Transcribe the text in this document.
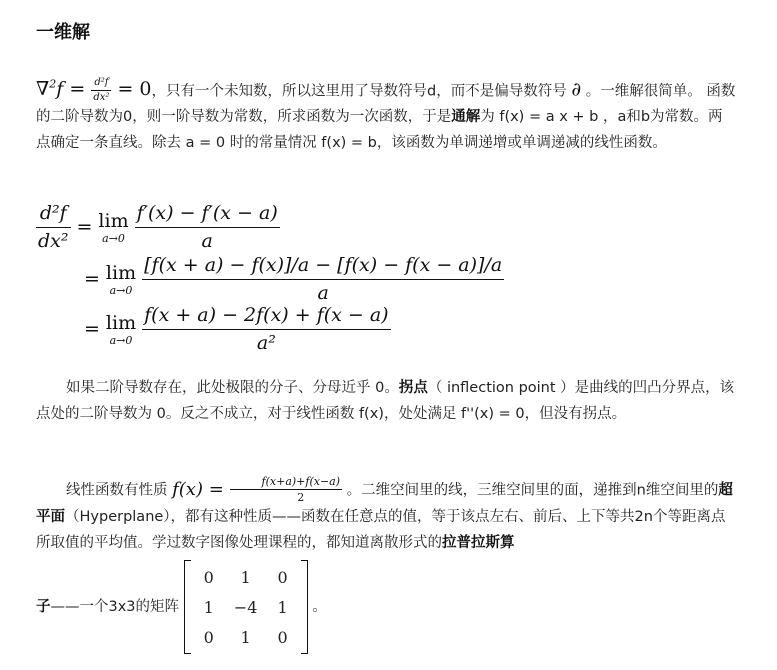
一维解
$\nabla^2f = \frac{\text{d²f}}{\text{dx²}} = 0$，只有一个未知数，所以这里用了导数符号d，而不是偏导数符号 ∂ 。一维解很简单。 函数的二阶导数为0，则一阶导数为常数，所求函数为一次函数，于是通解为 f(x) = a x + b ，a和b为常数。两点确定一条直线。除去 a = 0 时的常量情况 f(x) = b，该函数为单调递增或单调递减的线性函数。
$\frac{\text{d²f}}{\text{dx²}} = \lim$
a→0
$\frac{f'(x) - f'(x - a)}{a}$
= lim
a→0
$\frac{[f(x + a) - f(x)]/a - [f(x) - f(x - a)]/a}{a}$
= lim
a→0
$\frac{f(x + a) - 2f(x) + f(x - a)}{\text{a²}}$
如果二阶导数存在，此处极限的分子、分母近乎 0。拐点（ inflection point ）是曲线的凹凸分界点，该点处的二阶导数为 0。反之不成立，对于线性函数 f(x)，处处满足 f''(x) = 0，但没有拐点。
线性函数有性质 $f(x) = \frac{f(x+a)+f(x-a)}{2}$ 。二维空间里的线，三维空间里的面，递推到n维空间里的超平面（Hyperplane），都有这种性质——函数在任意点的值，等于该点左右、前后、上下等共2n个等距离点所取值的平均值。学过数字图像处理课程的，都知道离散形式的拉普拉斯算
子——一个3x3的矩阵
0	1	0
1	−4	1
0	1	0
。
